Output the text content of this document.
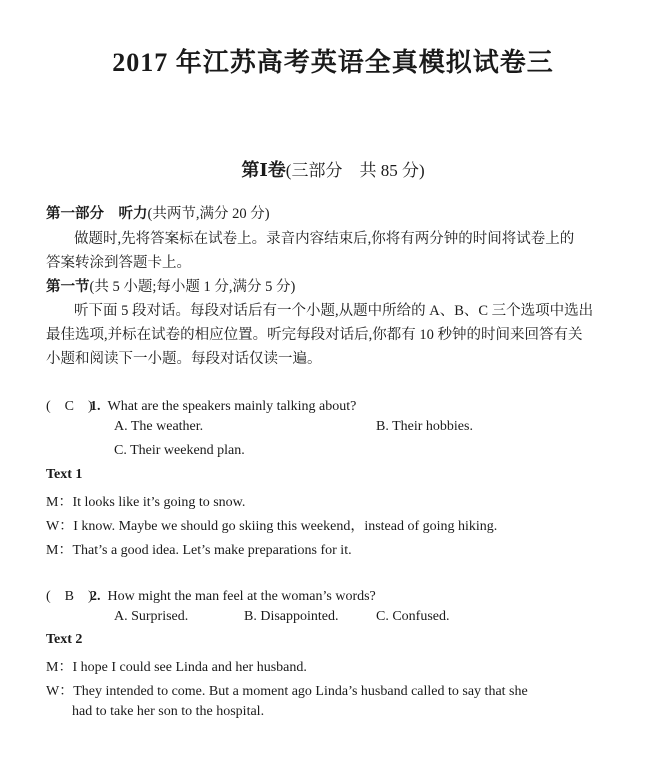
2017 年江苏高考英语全真模拟试卷三
第Ⅰ卷(三部分　共 85 分)
第一部分 听力(共两节,满分 20 分)
做题时,先将答案标在试卷上。录音内容结束后,你将有两分钟的时间将试卷上的
答案转涂到答题卡上。
第一节(共 5 小题;每小题 1 分,满分 5 分)
听下面 5 段对话。每段对话后有一个小题,从题中所给的 A、B、C 三个选项中选出
最佳选项,并标在试卷的相应位置。听完每段对话后,你都有 10 秒钟的时间来回答有关
小题和阅读下一小题。每段对话仅读一遍。
(　C　)1. What are the speakers mainly talking about?
A. The weather.	B. Their hobbies.
C. Their weekend plan.
Text 1
M：It looks like it’s going to snow.
W：I know. Maybe we should go skiing this weekend，instead of going hiking.
M：That’s a good idea. Let’s make preparations for it.
(　B　)2. How might the man feel at the woman’s words?
A. Surprised.	B. Disappointed.	C. Confused.
Text 2
M：I hope I could see Linda and her husband.
W：They intended to come. But a moment ago Linda’s husband called to say that she
had to take her son to the hospital.
